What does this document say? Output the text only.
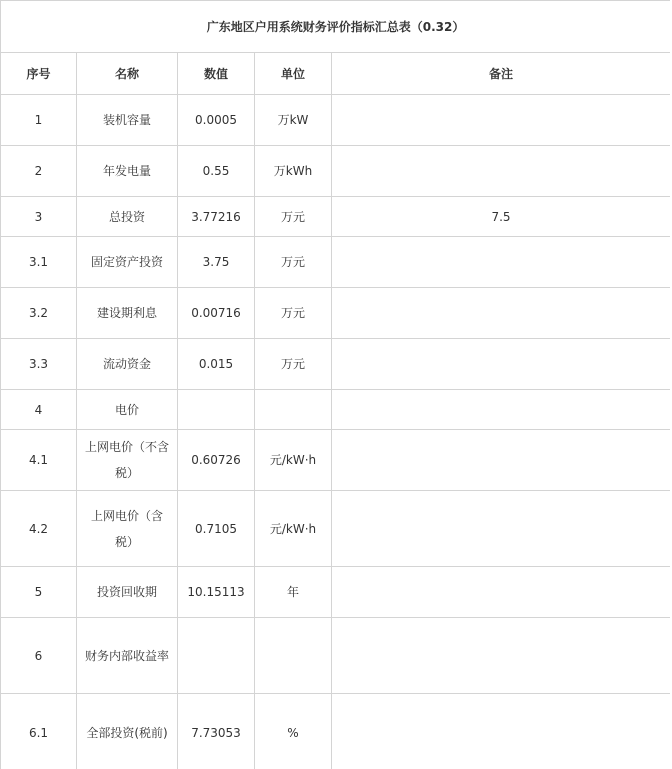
广东地区户用系统财务评价指标汇总表（0.32）				
序号	名称	数值	单位	备注
1	装机容量	0.0005	万kW	
2	年发电量	0.55	万kWh	
3	总投资	3.77216	万元	7.5
3.1	固定资产投资	3.75	万元	
3.2	建设期利息	0.00716	万元	
3.3	流动资金	0.015	万元	
4	电价			
4.1	上网电价（不含税）	0.60726	元/kW·h	
4.2	上网电价（含税）	0.7105	元/kW·h	
5	投资回收期	10.15113	年	
6	财务内部收益率			
6.1	全部投资(税前)	7.73053	%	
